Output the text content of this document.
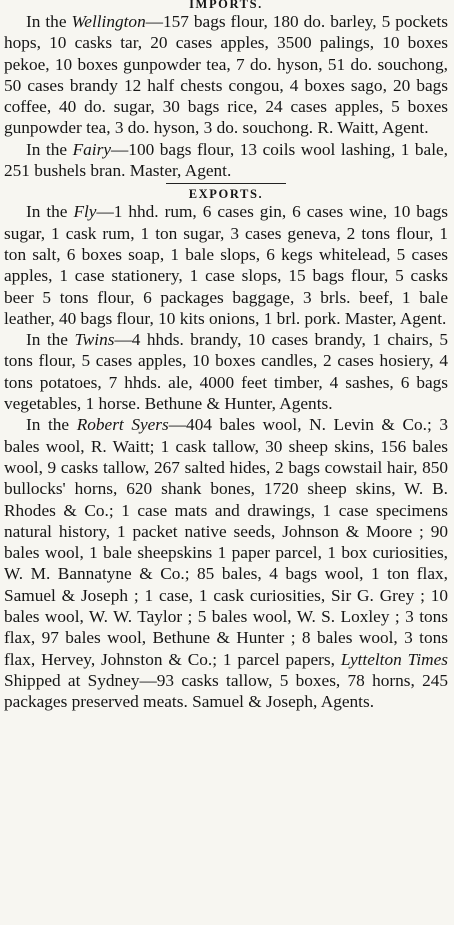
IMPORTS.

In the Wellington—157 bags flour, 180 do. barley, 5 pockets hops, 10 casks tar, 20 cases apples, 3500 palings, 10 boxes pekoe, 10 boxes gunpowder tea, 7 do. hyson, 51 do. souchong, 50 cases brandy 12 half chests congou, 4 boxes sago, 20 bags coffee, 40 do. sugar, 30 bags rice, 24 cases apples, 5 boxes gunpowder tea, 3 do. hyson, 3 do. souchong. R. Waitt, Agent.

In the Fairy—100 bags flour, 13 coils wool lashing, 1 bale, 251 bushels bran. Master, Agent.

EXPORTS.

In the Fly—1 hhd. rum, 6 cases gin, 6 cases wine, 10 bags sugar, 1 cask rum, 1 ton sugar, 3 cases geneva, 2 tons flour, 1 ton salt, 6 boxes soap, 1 bale slops, 6 kegs whitelead, 5 cases apples, 1 case stationery, 1 case slops, 15 bags flour, 5 casks beer 5 tons flour, 6 packages baggage, 3 brls. beef, 1 bale leather, 40 bags flour, 10 kits onions, 1 brl. pork. Master, Agent.

In the Twins—4 hhds. brandy, 10 cases brandy, 1 chairs, 5 tons flour, 5 cases apples, 10 boxes candles, 2 cases hosiery, 4 tons potatoes, 7 hhds. ale, 4000 feet timber, 4 sashes, 6 bags vegetables, 1 horse. Bethune & Hunter, Agents.

In the Robert Syers—404 bales wool, N. Levin & Co.; 3 bales wool, R. Waitt; 1 cask tallow, 30 sheep skins, 156 bales wool, 9 casks tallow, 267 salted hides, 2 bags cowstail hair, 850 bullocks' horns, 620 shank bones, 1720 sheep skins, W. B. Rhodes & Co.; 1 case mats and drawings, 1 case specimens natural history, 1 packet native seeds, Johnson & Moore ; 90 bales wool, 1 bale sheepskins 1 paper parcel, 1 box curiosities, W. M. Bannatyne & Co.; 85 bales, 4 bags wool, 1 ton flax, Samuel & Joseph ; 1 case, 1 cask curiosities, Sir G. Grey ; 10 bales wool, W. W. Taylor ; 5 bales wool, W. S. Loxley ; 3 tons flax, 97 bales wool, Bethune & Hunter ; 8 bales wool, 3 tons flax, Hervey, Johnston & Co.; 1 parcel papers, Lyttelton Times Shipped at Sydney—93 casks tallow, 5 boxes, 78 horns, 245 packages preserved meats. Samuel & Joseph, Agents.
